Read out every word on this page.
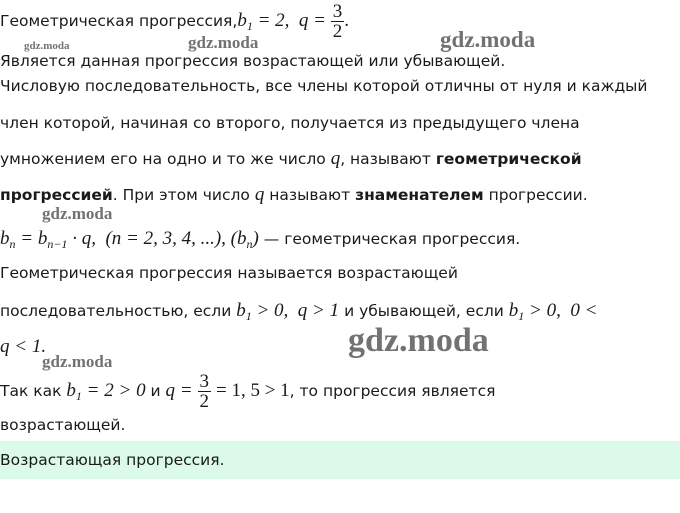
Геометрическая $прогрессия,b_1 = 2$,  $q = \frac{3}{2}$ .
Является данная прогрессия возрастающей или убывающей.
Числовую последовательность, все члены которой отличны от нуля и каждый
член которой, начиная со второго, получается из предыдущего члена
умножением его на одно и то же число q, называют геометрической
прогрессией. При этом число q называют знаменателем прогрессии.
$b_n = b_{n-1} \cdot q$, (n = 2, 3, 4, ...), $(b_n)$ — геометрическая прогрессия.
Геометрическая прогрессия называется возрастающей
последовательностью, если $b_1 > 0$,  q > 1 и убывающей, если $b_1 > 0$, 0 <
q < 1.
Так как $b_1 = 2 > 0$ и $q = \frac{3}{2} = 1$, 5 > 1, то прогрессия является
возрастающей.
Возрастающая прогрессия.
gdz.moda	gdz.moda	gdz.moda
gdz.moda
gdz.moda
gdz.moda
